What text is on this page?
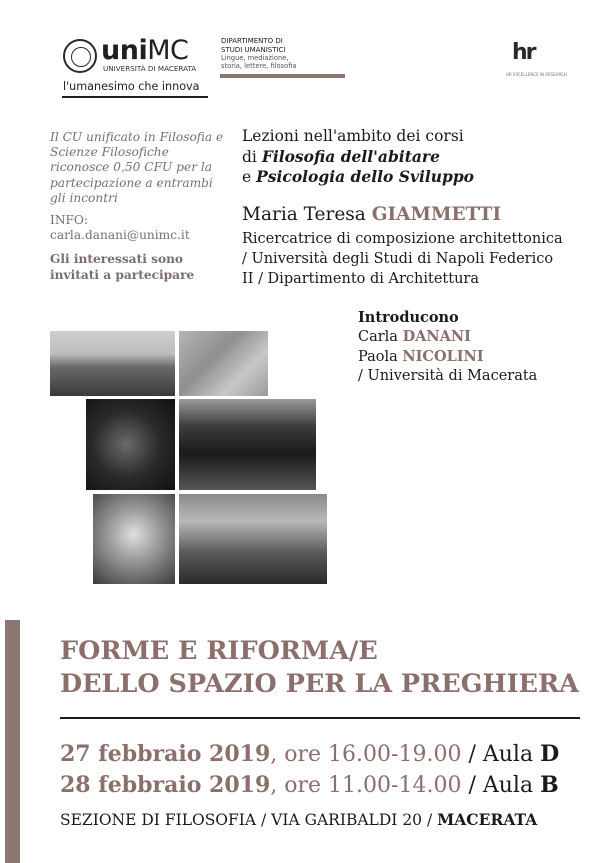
uniMC
UNIVERSITÀ DI MACERATA
l'umanesimo che innova
DIPARTIMENTO DI
STUDI UMANISTICI
Lingue, mediazione,
storia, lettere, filosofia
hr
HR EXCELLENCE IN RESEARCH
Il CU unificato in Filosofia e Scienze Filosofiche riconosce 0,50 CFU per la partecipazione a entrambi gli incontri
INFO:
carla.danani@unimc.it
Gli interessati sono invitati a partecipare
Lezioni nell'ambito dei corsi
di Filosofia dell'abitare
e Psicologia dello Sviluppo
Maria Teresa GIAMMETTI
Ricercatrice di composizione architettonica
/ Università degli Studi di Napoli Federico
II / Dipartimento di Architettura
Introducono
Carla DANANI
Paola NICOLINI
/ Università di Macerata
FORME E RIFORMA/E
DELLO SPAZIO PER LA PREGHIERA
27 febbraio 2019, ore 16.00-19.00 / Aula D
28 febbraio 2019, ore 11.00-14.00 / Aula B
SEZIONE DI FILOSOFIA / VIA GARIBALDI 20 / MACERATA
